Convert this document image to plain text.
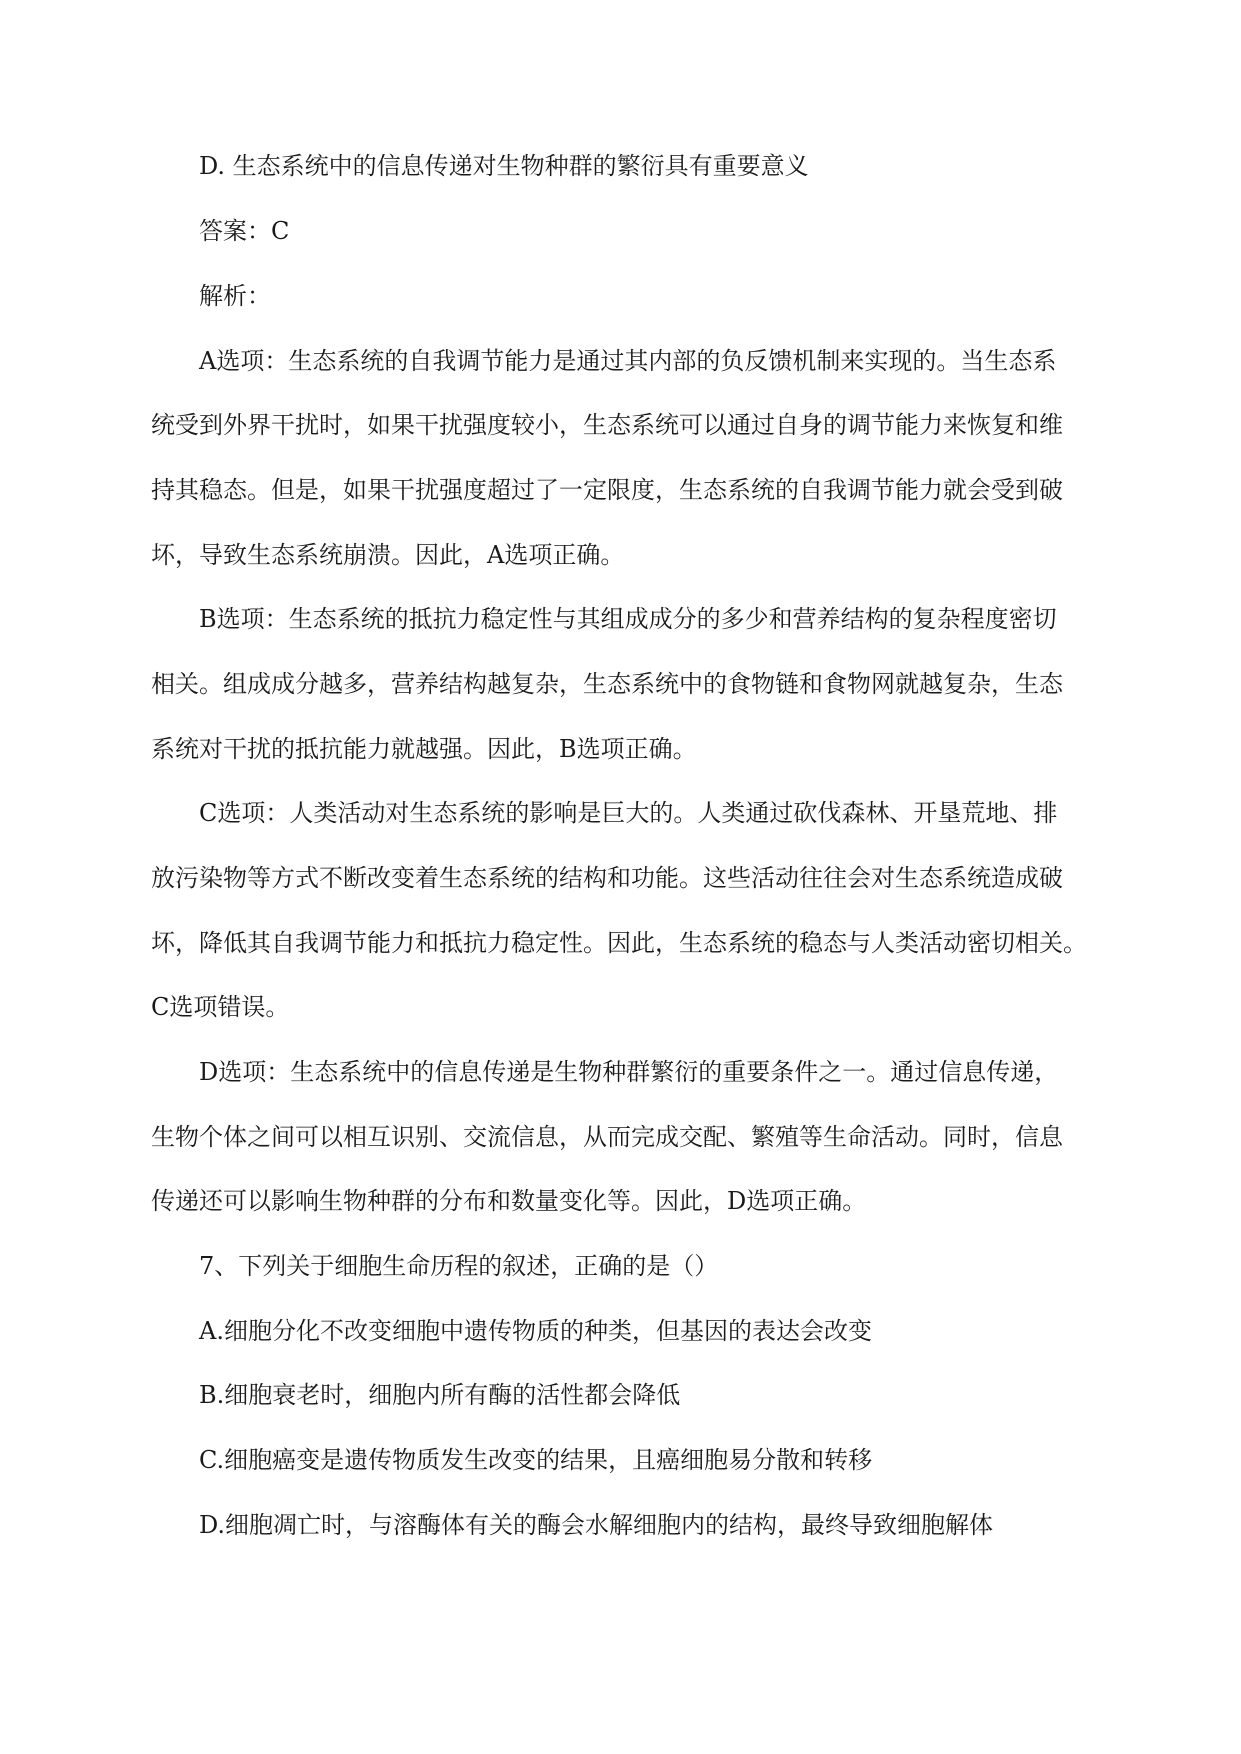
D. 生态系统中的信息传递对生物种群的繁衍具有重要意义
答案：C
解析：
A选项：生态系统的自我调节能力是通过其内部的负反馈机制来实现的。当生态系
统受到外界干扰时，如果干扰强度较小，生态系统可以通过自身的调节能力来恢复和维
持其稳态。但是，如果干扰强度超过了一定限度，生态系统的自我调节能力就会受到破
坏，导致生态系统崩溃。因此，A选项正确。
B选项：生态系统的抵抗力稳定性与其组成成分的多少和营养结构的复杂程度密切
相关。组成成分越多，营养结构越复杂，生态系统中的食物链和食物网就越复杂，生态
系统对干扰的抵抗能力就越强。因此，B选项正确。
C选项：人类活动对生态系统的影响是巨大的。人类通过砍伐森林、开垦荒地、排
放污染物等方式不断改变着生态系统的结构和功能。这些活动往往会对生态系统造成破
坏，降低其自我调节能力和抵抗力稳定性。因此，生态系统的稳态与人类活动密切相关。
C选项错误。
D选项：生态系统中的信息传递是生物种群繁衍的重要条件之一。通过信息传递，
生物个体之间可以相互识别、交流信息，从而完成交配、繁殖等生命活动。同时，信息
传递还可以影响生物种群的分布和数量变化等。因此，D选项正确。
7、下列关于细胞生命历程的叙述，正确的是（）
A.细胞分化不改变细胞中遗传物质的种类，但基因的表达会改变
B.细胞衰老时，细胞内所有酶的活性都会降低
C.细胞癌变是遗传物质发生改变的结果，且癌细胞易分散和转移
D.细胞凋亡时，与溶酶体有关的酶会水解细胞内的结构，最终导致细胞解体
